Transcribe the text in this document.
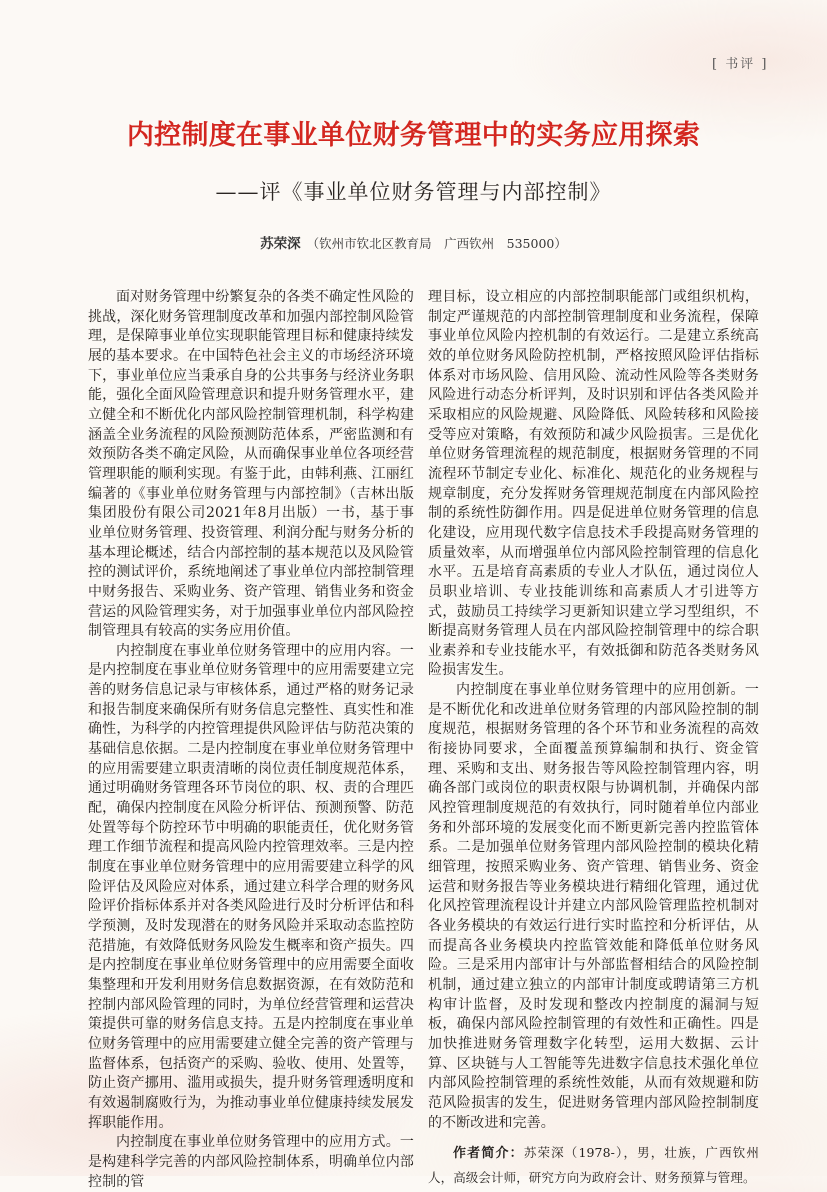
[ 书评 ]
内控制度在事业单位财务管理中的实务应用探索
——评《事业单位财务管理与内部控制》
苏荣深 （钦州市钦北区教育局　广西钦州　535000）

面对财务管理中纷繁复杂的各类不确定性风险的挑战，深化财务管理制度改革和加强内部控制风险管理，是保障事业单位实现职能管理目标和健康持续发展的基本要求。在中国特色社会主义的市场经济环境下，事业单位应当秉承自身的公共事务与经济业务职能，强化全面风险管理意识和提升财务管理水平，建立健全和不断优化内部风险控制管理机制，科学构建涵盖全业务流程的风险预测防范体系，严密监测和有效预防各类不确定风险，从而确保事业单位各项经营管理职能的顺利实现。有鉴于此，由韩利燕、江丽红编著的《事业单位财务管理与内部控制》（吉林出版集团股份有限公司2021年8月出版）一书，基于事业单位财务管理、投资管理、利润分配与财务分析的基本理论概述，结合内部控制的基本规范以及风险管控的测试评价，系统地阐述了事业单位内部控制管理中财务报告、采购业务、资产管理、销售业务和资金营运的风险管理实务，对于加强事业单位内部风险控制管理具有较高的实务应用价值。

内控制度在事业单位财务管理中的应用内容。一是内控制度在事业单位财务管理中的应用需要建立完善的财务信息记录与审核体系，通过严格的财务记录和报告制度来确保所有财务信息完整性、真实性和准确性，为科学的内控管理提供风险评估与防范决策的基础信息依据。二是内控制度在事业单位财务管理中的应用需要建立职责清晰的岗位责任制度规范体系，通过明确财务管理各环节岗位的职、权、责的合理匹配，确保内控制度在风险分析评估、预测预警、防范处置等每个防控环节中明确的职能责任，优化财务管理工作细节流程和提高风险内控管理效率。三是内控制度在事业单位财务管理中的应用需要建立科学的风险评估及风险应对体系，通过建立科学合理的财务风险评价指标体系并对各类风险进行及时分析评估和科学预测，及时发现潜在的财务风险并采取动态监控防范措施，有效降低财务风险发生概率和资产损失。四是内控制度在事业单位财务管理中的应用需要全面收集整理和开发利用财务信息数据资源，在有效防范和控制内部风险管理的同时，为单位经营管理和运营决策提供可靠的财务信息支持。五是内控制度在事业单位财务管理中的应用需要建立健全完善的资产管理与监督体系，包括资产的采购、验收、使用、处置等，防止资产挪用、滥用或损失，提升财务管理透明度和有效遏制腐败行为，为推动事业单位健康持续发展发挥职能作用。

内控制度在事业单位财务管理中的应用方式。一是构建科学完善的内部风险控制体系，明确单位内部控制的管

理目标，设立相应的内部控制职能部门或组织机构，制定严谨规范的内部控制管理制度和业务流程，保障事业单位风险内控机制的有效运行。二是建立系统高效的单位财务风险防控机制，严格按照风险评估指标体系对市场风险、信用风险、流动性风险等各类财务风险进行动态分析评判，及时识别和评估各类风险并采取相应的风险规避、风险降低、风险转移和风险接受等应对策略，有效预防和减少风险损害。三是优化单位财务管理流程的规范制度，根据财务管理的不同流程环节制定专业化、标准化、规范化的业务规程与规章制度，充分发挥财务管理规范制度在内部风险控制的系统性防御作用。四是促进单位财务管理的信息化建设，应用现代数字信息技术手段提高财务管理的质量效率，从而增强单位内部风险控制管理的信息化水平。五是培育高素质的专业人才队伍，通过岗位人员职业培训、专业技能训练和高素质人才引进等方式，鼓励员工持续学习更新知识建立学习型组织，不断提高财务管理人员在内部风险控制管理中的综合职业素养和专业技能水平，有效抵御和防范各类财务风险损害发生。

内控制度在事业单位财务管理中的应用创新。一是不断优化和改进单位财务管理的内部风险控制的制度规范，根据财务管理的各个环节和业务流程的高效衔接协同要求，全面覆盖预算编制和执行、资金管理、采购和支出、财务报告等风险控制管理内容，明确各部门或岗位的职责权限与协调机制，并确保内部风控管理制度规范的有效执行，同时随着单位内部业务和外部环境的发展变化而不断更新完善内控监管体系。二是加强单位财务管理内部风险控制的模块化精细管理，按照采购业务、资产管理、销售业务、资金运营和财务报告等业务模块进行精细化管理，通过优化风控管理流程设计并建立内部风险管理监控机制对各业务模块的有效运行进行实时监控和分析评估，从而提高各业务模块内控监管效能和降低单位财务风险。三是采用内部审计与外部监督相结合的风险控制机制，通过建立独立的内部审计制度或聘请第三方机构审计监督，及时发现和整改内控制度的漏洞与短板，确保内部风险控制管理的有效性和正确性。四是加快推进财务管理数字化转型，运用大数据、云计算、区块链与人工智能等先进数字信息技术强化单位内部风险控制管理的系统性效能，从而有效规避和防范风险损害的发生，促进财务管理内部风险控制制度的不断改进和完善。

作者简介：苏荣深（1978-），男，壮族，广西钦州人，高级会计师，研究方向为政府会计、财务预算与管理。
